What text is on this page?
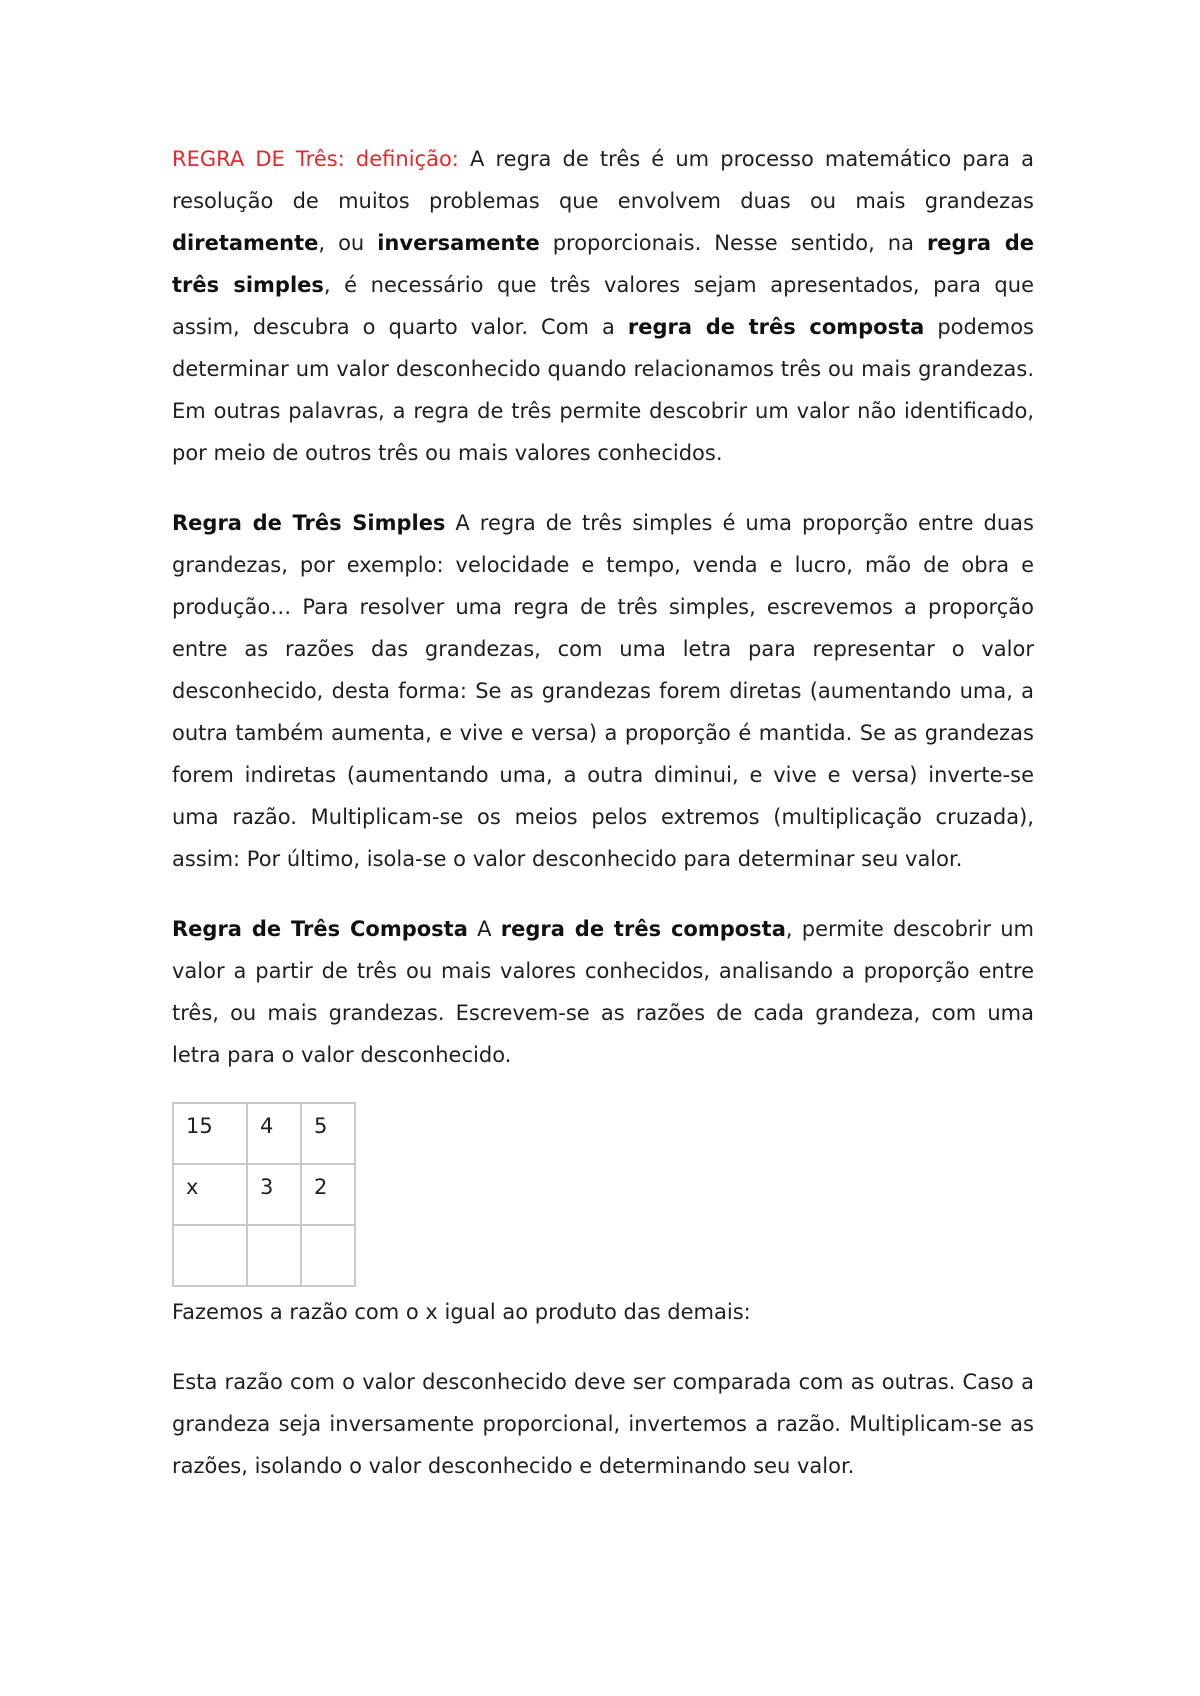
REGRA DE Três: definição: A regra de três é um processo matemático para a resolução de muitos problemas que envolvem duas ou mais grandezas diretamente, ou inversamente proporcionais. Nesse sentido, na regra de três simples, é necessário que três valores sejam apresentados, para que assim, descubra o quarto valor. Com a regra de três composta podemos determinar um valor desconhecido quando relacionamos três ou mais grandezas. Em outras palavras, a regra de três permite descobrir um valor não identificado, por meio de outros três ou mais valores conhecidos.

Regra de Três Simples A regra de três simples é uma proporção entre duas grandezas, por exemplo: velocidade e tempo, venda e lucro, mão de obra e produção… Para resolver uma regra de três simples, escrevemos a proporção entre as razões das grandezas, com uma letra para representar o valor desconhecido, desta forma: Se as grandezas forem diretas (aumentando uma, a outra também aumenta, e vive e versa) a proporção é mantida. Se as grandezas forem indiretas (aumentando uma, a outra diminui, e vive e versa) inverte-se uma razão. Multiplicam-se os meios pelos extremos (multiplicação cruzada), assim: Por último, isola-se o valor desconhecido para determinar seu valor.

Regra de Três Composta A regra de três composta, permite descobrir um valor a partir de três ou mais valores conhecidos, analisando a proporção entre três, ou mais grandezas. Escrevem-se as razões de cada grandeza, com uma letra para o valor desconhecido.

15	4	5
x	3	2

Fazemos a razão com o x igual ao produto das demais:

Esta razão com o valor desconhecido deve ser comparada com as outras. Caso a grandeza seja inversamente proporcional, invertemos a razão. Multiplicam-se as razões, isolando o valor desconhecido e determinando seu valor.
